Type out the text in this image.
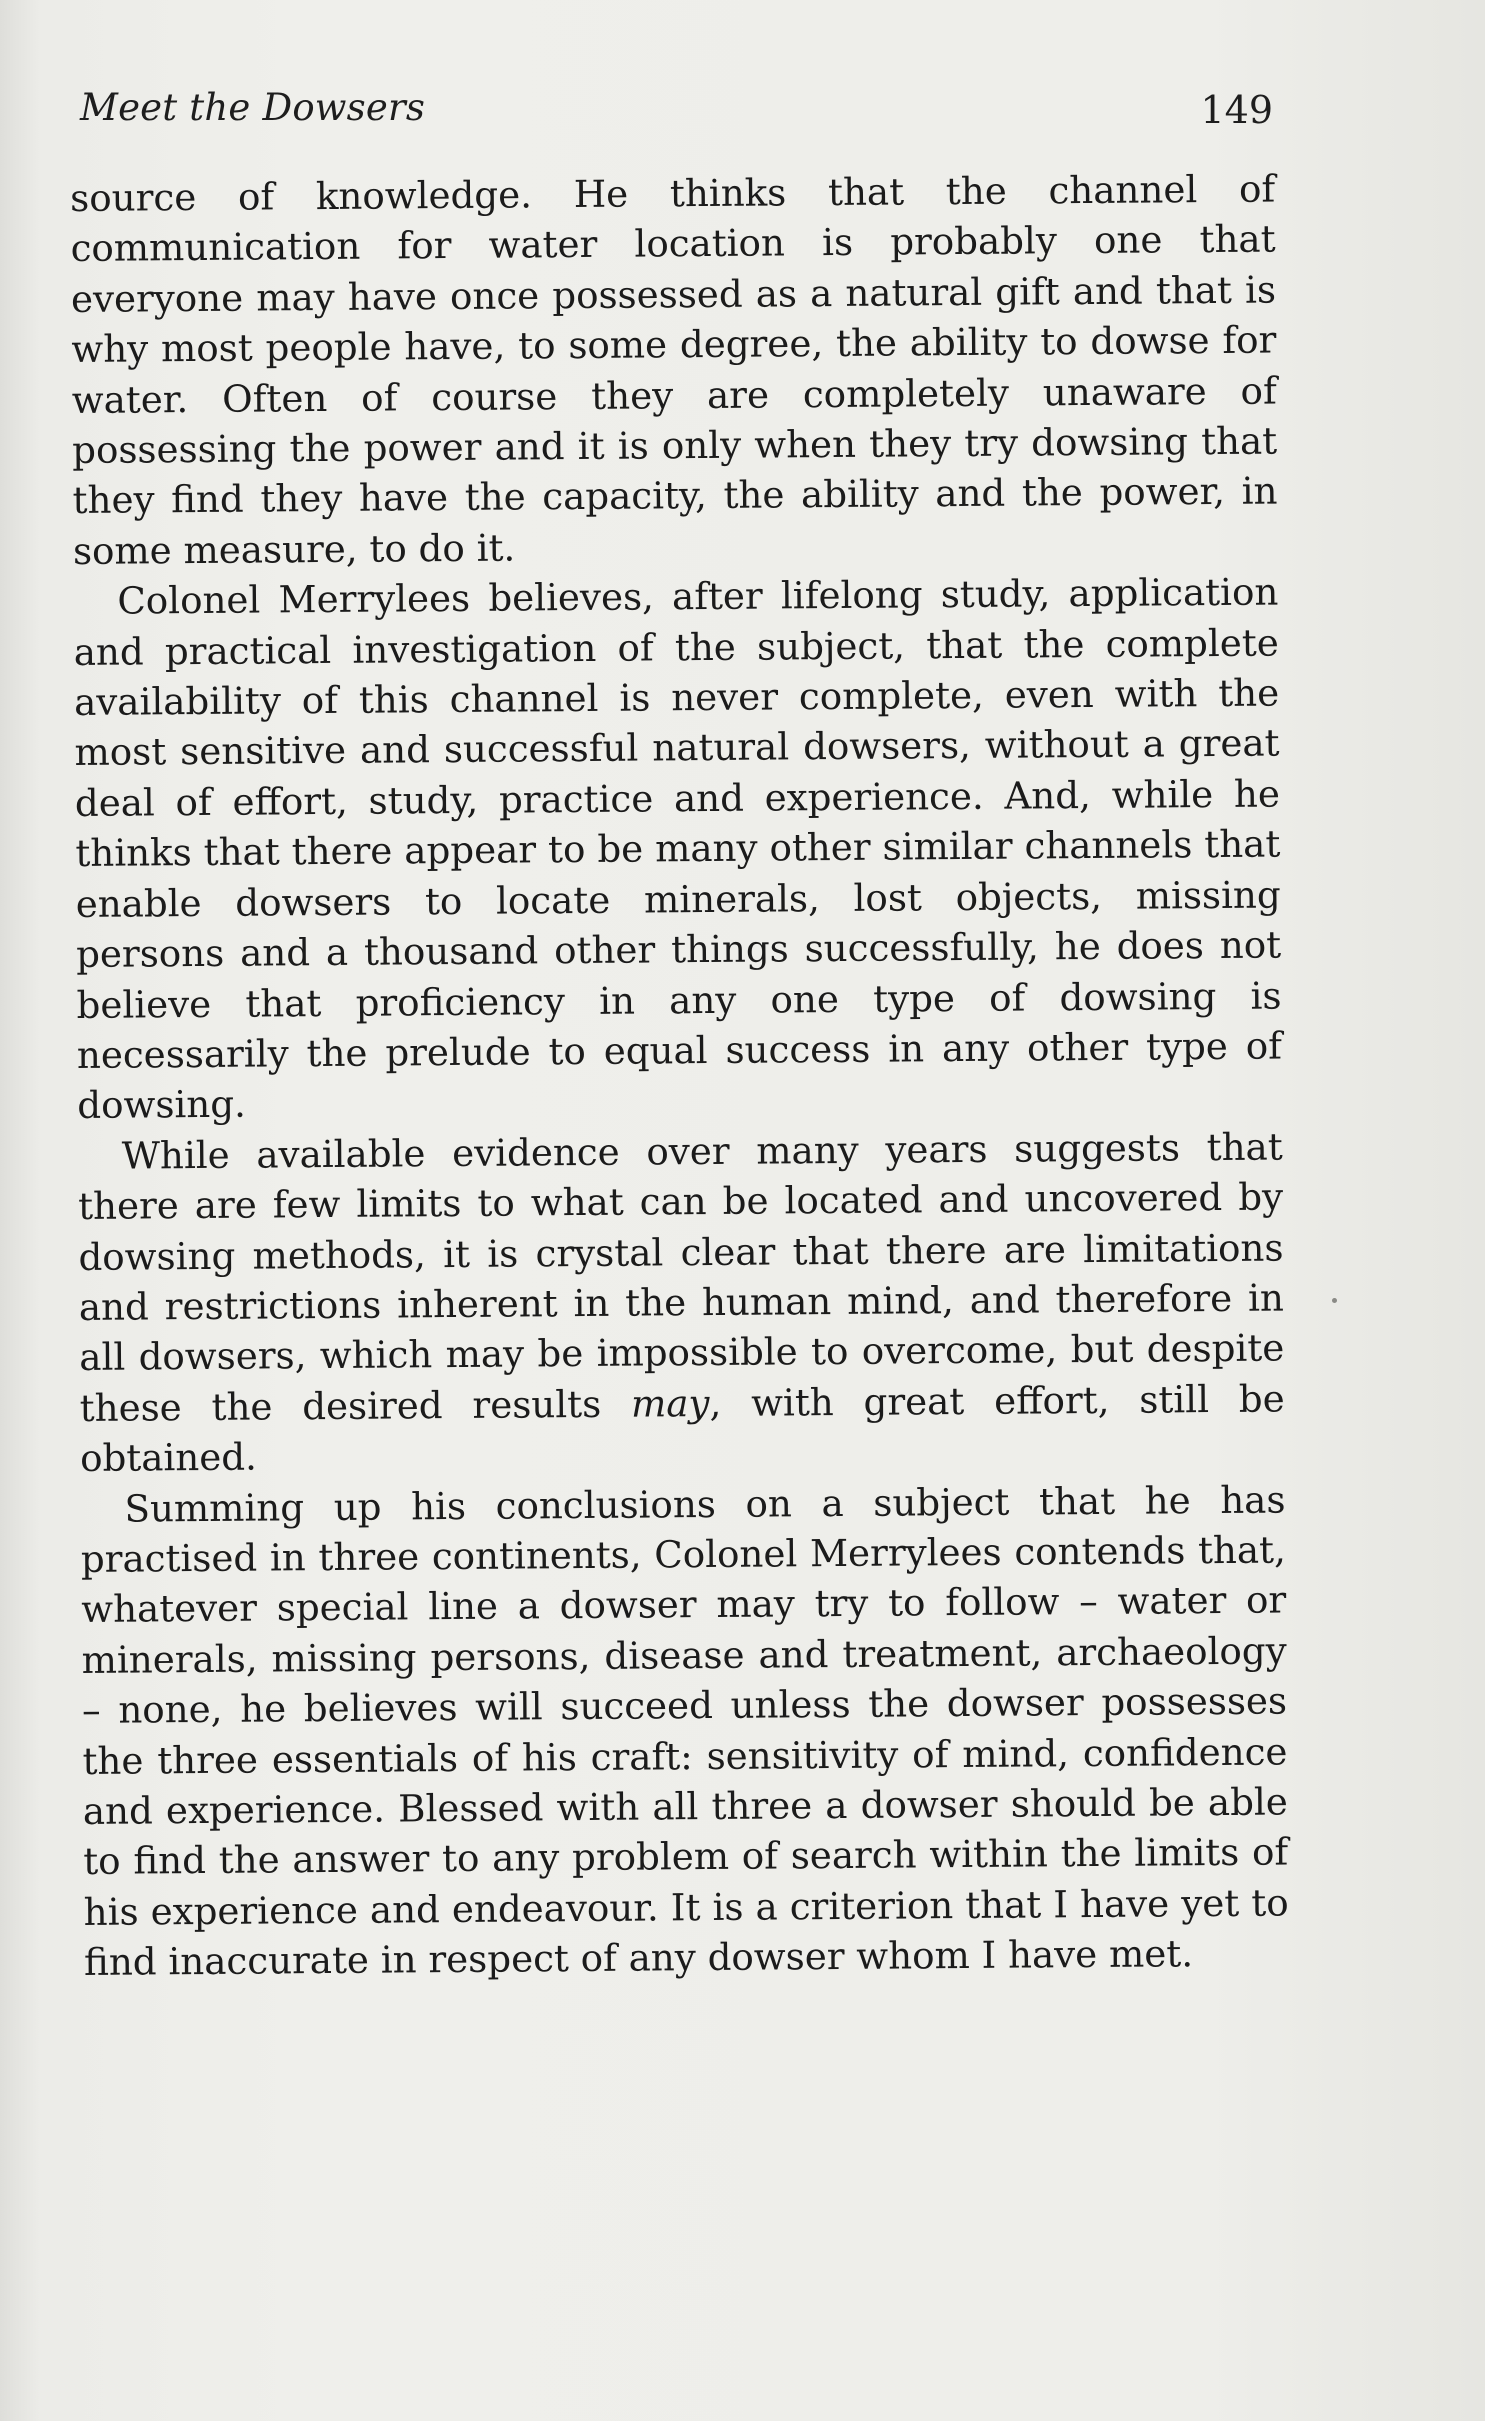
Meet the Dowsers	149

source of knowledge. He thinks that the channel of communication for water location is probably one that everyone may have once possessed as a natural gift and that is why most people have, to some degree, the ability to dowse for water. Often of course they are completely unaware of possessing the power and it is only when they try dowsing that they find they have the capacity, the ability and the power, in some measure, to do it.

Colonel Merrylees believes, after lifelong study, application and practical investigation of the subject, that the complete availability of this channel is never complete, even with the most sensitive and successful natural dowsers, without a great deal of effort, study, practice and experience. And, while he thinks that there appear to be many other similar channels that enable dowsers to locate minerals, lost objects, missing persons and a thousand other things successfully, he does not believe that proficiency in any one type of dowsing is necessarily the prelude to equal success in any other type of dowsing.

While available evidence over many years suggests that there are few limits to what can be located and uncovered by dowsing methods, it is crystal clear that there are limitations and restrictions inherent in the human mind, and therefore in all dowsers, which may be impossible to overcome, but despite these the desired results may, with great effort, still be obtained.

Summing up his conclusions on a subject that he has practised in three continents, Colonel Merrylees contends that, whatever special line a dowser may try to follow – water or minerals, missing persons, disease and treatment, archaeology – none, he believes will succeed unless the dowser possesses the three essentials of his craft: sensitivity of mind, confidence and experience. Blessed with all three a dowser should be able to find the answer to any problem of search within the limits of his experience and endeavour. It is a criterion that I have yet to find inaccurate in respect of any dowser whom I have met.
